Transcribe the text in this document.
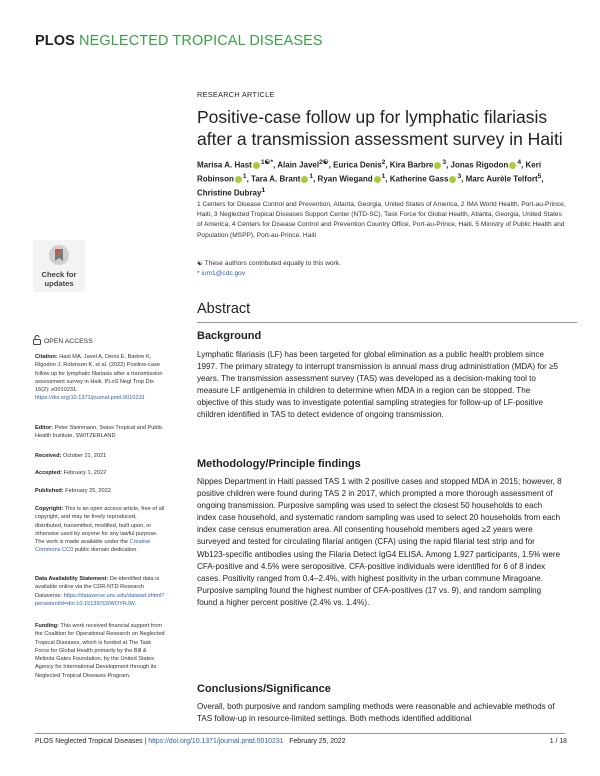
PLOS NEGLECTED TROPICAL DISEASES
RESEARCH ARTICLE
Positive-case follow up for lymphatic filariasis after a transmission assessment survey in Haiti
Marisa A. Hast $^{1☯*}$, Alain Javel$^{2☯}$, Eurica Denis$^2$, Kira Barbre $^3$, Jonas Rigodon $^4$, Keri Robinson $^1$, Tara A. Brant $^1$, Ryan Wiegand $^1$, Katherine Gass $^3$, Marc Aurèle Telfort$^5$, Christine Dubray$^1$
1 Centers for Disease Control and Prevention, Atlanta, Georgia, United States of America, 2 IMA World Health, Port-au-Prince, Haiti, 3 Neglected Tropical Diseases Support Center (NTD-SC), Task Force for Global Health, Atlanta, Georgia, United States of America, 4 Centers for Disease Control and Prevention Country Office, Port-au-Prince, Haiti, 5 Ministry of Public Health and Population (MSPP), Port-au-Prince, Haiti
☯ These authors contributed equally to this work.
* ium1@cdc.gov
Abstract
Background
Lymphatic filariasis (LF) has been targeted for global elimination as a public health problem since 1997. The primary strategy to interrupt transmission is annual mass drug administration (MDA) for ≥5 years. The transmission assessment survey (TAS) was developed as a decision-making tool to measure LF antigenemia in children to determine when MDA in a region can be stopped. The objective of this study was to investigate potential sampling strategies for follow-up of LF-positive children identified in TAS to detect evidence of ongoing transmission.
Methodology/Principle findings
Nippes Department in Haiti passed TAS 1 with 2 positive cases and stopped MDA in 2015; however, 8 positive children were found during TAS 2 in 2017, which prompted a more thorough assessment of ongoing transmission. Purposive sampling was used to select the closest 50 households to each index case household, and systematic random sampling was used to select 20 households from each index case census enumeration area. All consenting household members aged ≥2 years were surveyed and tested for circulating filarial antigen (CFA) using the rapid filarial test strip and for Wb123-specific antibodies using the Filaria Detect IgG4 ELISA. Among 1,927 participants, 1.5% were CFA-positive and 4.5% were seropositive. CFA-positive individuals were identified for 6 of 8 index cases. Positivity ranged from 0.4–2.4%, with highest positivity in the urban commune Miragoane. Purposive sampling found the highest number of CFA-positives (17 vs. 9), and random sampling found a higher percent positive (2.4% vs. 1.4%).
Conclusions/Significance
Overall, both purposive and random sampling methods were reasonable and achievable methods of TAS follow-up in resource-limited settings. Both methods identified additional
Check for
updates
OPEN ACCESS
Citation: Hast MA, Javel A, Denis E, Barbre K, Rigodon J, Robinson K, et al. (2022) Positive-case follow up for lymphatic filariasis after a transmission assessment survey in Haiti. PLoS Negl Trop Dis 16(2): e0010231. https://doi.org/10.1371/journal.pntd.0010231
Editor: Peter Steinmann, Swiss Tropical and Public Health Institute, SWITZERLAND
Received: October 21, 2021
Accepted: February 1, 2022
Published: February 25, 2022
Copyright: This is an open access article, free of all copyright, and may be freely reproduced, distributed, transmitted, modified, built upon, or otherwise used by anyone for any lawful purpose. The work is made available under the Creative Commons CC0 public domain dedication.
Data Availability Statement: De-identified data is available online via the CDR-NTD Research Dataverse: https://dataverse.unc.edu/dataset.xhtml?persistentId=doi:10.15139/S3/WOYRJW.
Funding: This work received financial support from the Coalition for Operational Research on Neglected Tropical Diseases, which is funded at The Task Force for Global Health primarily by the Bill & Melinda Gates Foundation, by the United States Agency for International Development through its Neglected Tropical Diseases Program.
PLOS Neglected Tropical Diseases | https://doi.org/10.1371/journal.pntd.0010231   February 25, 2022	1 / 18
